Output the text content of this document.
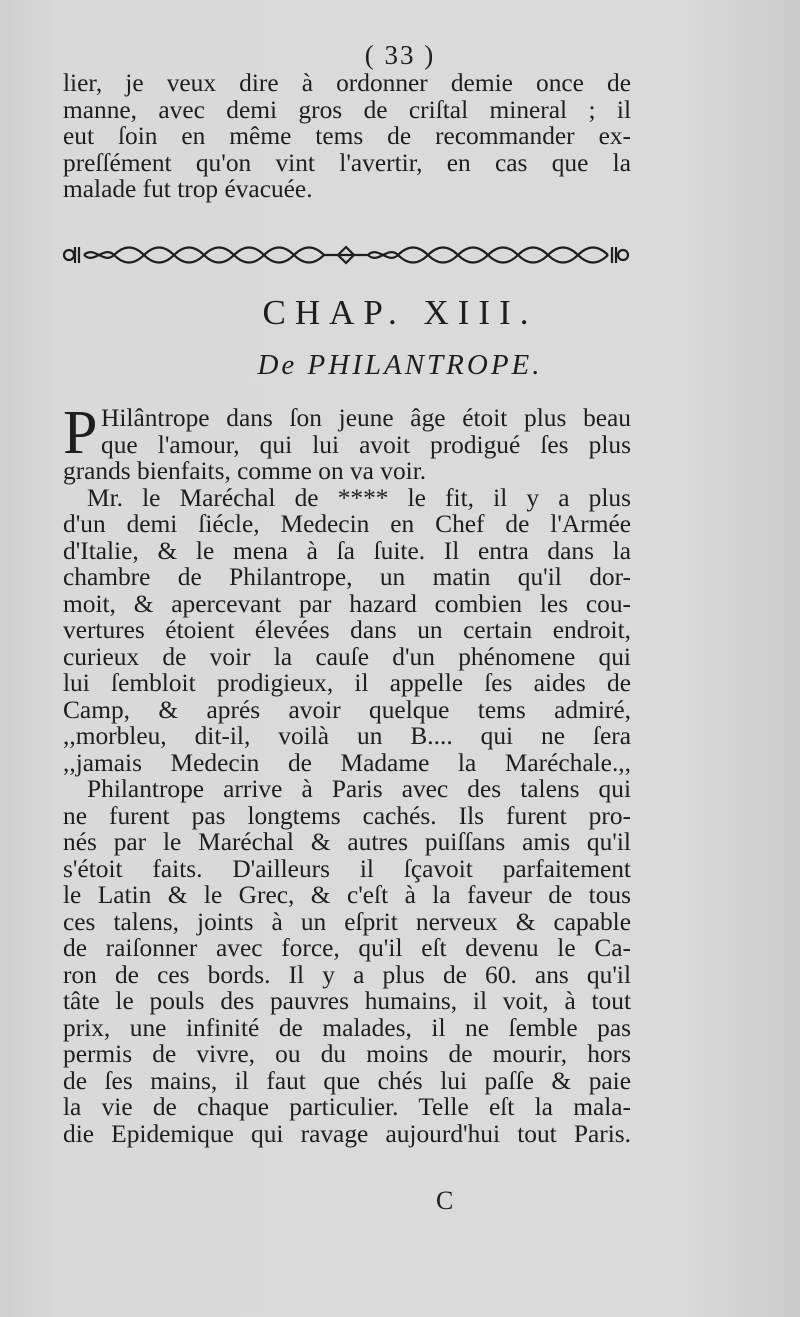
( 33 )
lier, je veux dire à ordonner demie once de
manne, avec demi gros de criſtal mineral ; il
eut ſoin en même tems de recommander ex-
preſſément qu'on vint l'avertir, en cas que la
malade fut trop évacuée.
CHAP. XIII.
De PHILANTROPE.
P Hilântrope dans ſon jeune âge étoit plus beau
que l'amour, qui lui avoit prodigué ſes plus
grands bienfaits, comme on va voir.
Mr. le Maréchal de **** le fit, il y a plus
d'un demi ſiécle, Medecin en Chef de l'Armée
d'Italie, & le mena à ſa ſuite. Il entra dans la
chambre de Philantrope, un matin qu'il dor-
moit, & apercevant par hazard combien les cou-
vertures étoient élevées dans un certain endroit,
curieux de voir la cauſe d'un phénomene qui
lui ſembloit prodigieux, il appelle ſes aides de
Camp, & aprés avoir quelque tems admiré,
,,morbleu, dit-il, voilà un B.... qui ne ſera
,,jamais Medecin de Madame la Maréchale.,,
Philantrope arrive à Paris avec des talens qui
ne furent pas longtems cachés. Ils furent pro-
nés par le Maréchal & autres puiſſans amis qu'il
s'étoit faits. D'ailleurs il ſçavoit parfaitement
le Latin & le Grec, & c'eſt à la faveur de tous
ces talens, joints à un eſprit nerveux & capable
de raiſonner avec force, qu'il eſt devenu le Ca-
ron de ces bords. Il y a plus de 60. ans qu'il
tâte le pouls des pauvres humains, il voit, à tout
prix, une infinité de malades, il ne ſemble pas
permis de vivre, ou du moins de mourir, hors
de ſes mains, il faut que chés lui paſſe & paie
la vie de chaque particulier. Telle eſt la mala-
die Epidemique qui ravage aujourd'hui tout Paris.
C
